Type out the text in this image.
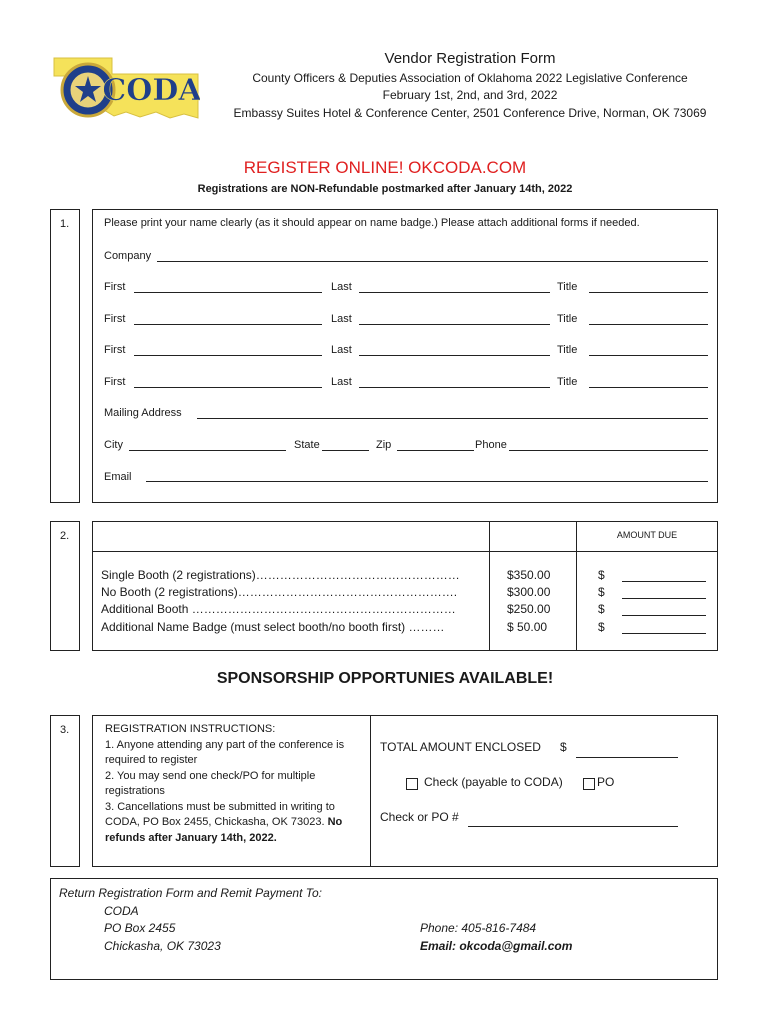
CODA
Vendor Registration Form
County Officers & Deputies Association of Oklahoma 2022 Legislative Conference
February 1st, 2nd, and 3rd, 2022
Embassy Suites Hotel & Conference Center, 2501 Conference Drive, Norman, OK 73069
REGISTER ONLINE! OKCODA.COM
Registrations are NON-Refundable postmarked after January 14th, 2022
1.	Please print your name clearly (as it should appear on name badge.) Please attach additional forms if needed.
Company
First	Last	Title
First	Last	Title
First	Last	Title
First	Last	Title
Mailing Address
City	State	Zip	Phone
Email
2.	AMOUNT DUE
Single Booth (2 registrations)……………………………………………	$350.00	$
No Booth (2 registrations)……………………………………………….	$300.00	$
Additional Booth …………………………………………………………	$250.00	$
Additional Name Badge (must select booth/no booth first) ………	$ 50.00	$
SPONSORSHIP OPPORTUNIES AVAILABLE!
3.	REGISTRATION INSTRUCTIONS:
1. Anyone attending any part of the conference is required to register
2. You may send one check/PO for multiple registrations
3. Cancellations must be submitted in writing to CODA, PO Box 2455, Chickasha, OK 73023. No refunds after January 14th, 2022.
TOTAL AMOUNT ENCLOSED $
Check (payable to CODA)	PO
Check or PO #
Return Registration Form and Remit Payment To:
CODA
PO Box 2455
Chickasha, OK 73023
Phone: 405-816-7484
Email: okcoda@gmail.com
